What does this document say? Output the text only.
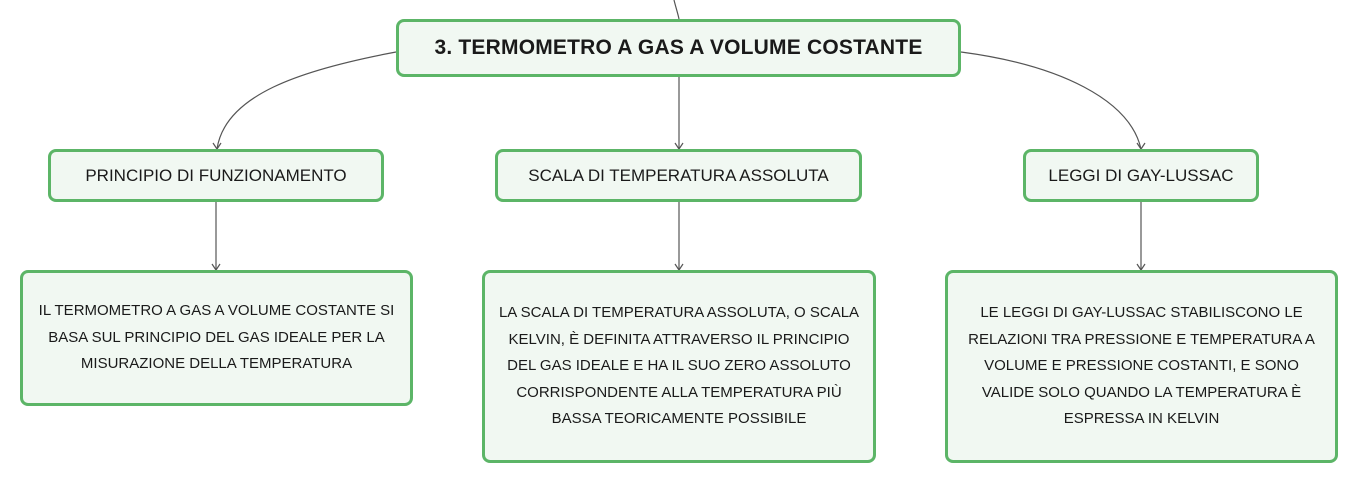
3. TERMOMETRO A GAS A VOLUME COSTANTE
PRINCIPIO DI FUNZIONAMENTO	SCALA DI TEMPERATURA ASSOLUTA	LEGGI DI GAY-LUSSAC
IL TERMOMETRO A GAS A VOLUME COSTANTE SI BASA SUL PRINCIPIO DEL GAS IDEALE PER LA MISURAZIONE DELLA TEMPERATURA
LA SCALA DI TEMPERATURA ASSOLUTA, O SCALA KELVIN, È DEFINITA ATTRAVERSO IL PRINCIPIO DEL GAS IDEALE E HA IL SUO ZERO ASSOLUTO CORRISPONDENTE ALLA TEMPERATURA PIÙ BASSA TEORICAMENTE POSSIBILE
LE LEGGI DI GAY-LUSSAC STABILISCONO LE RELAZIONI TRA PRESSIONE E TEMPERATURA A VOLUME E PRESSIONE COSTANTI, E SONO VALIDE SOLO QUANDO LA TEMPERATURA È ESPRESSA IN KELVIN
